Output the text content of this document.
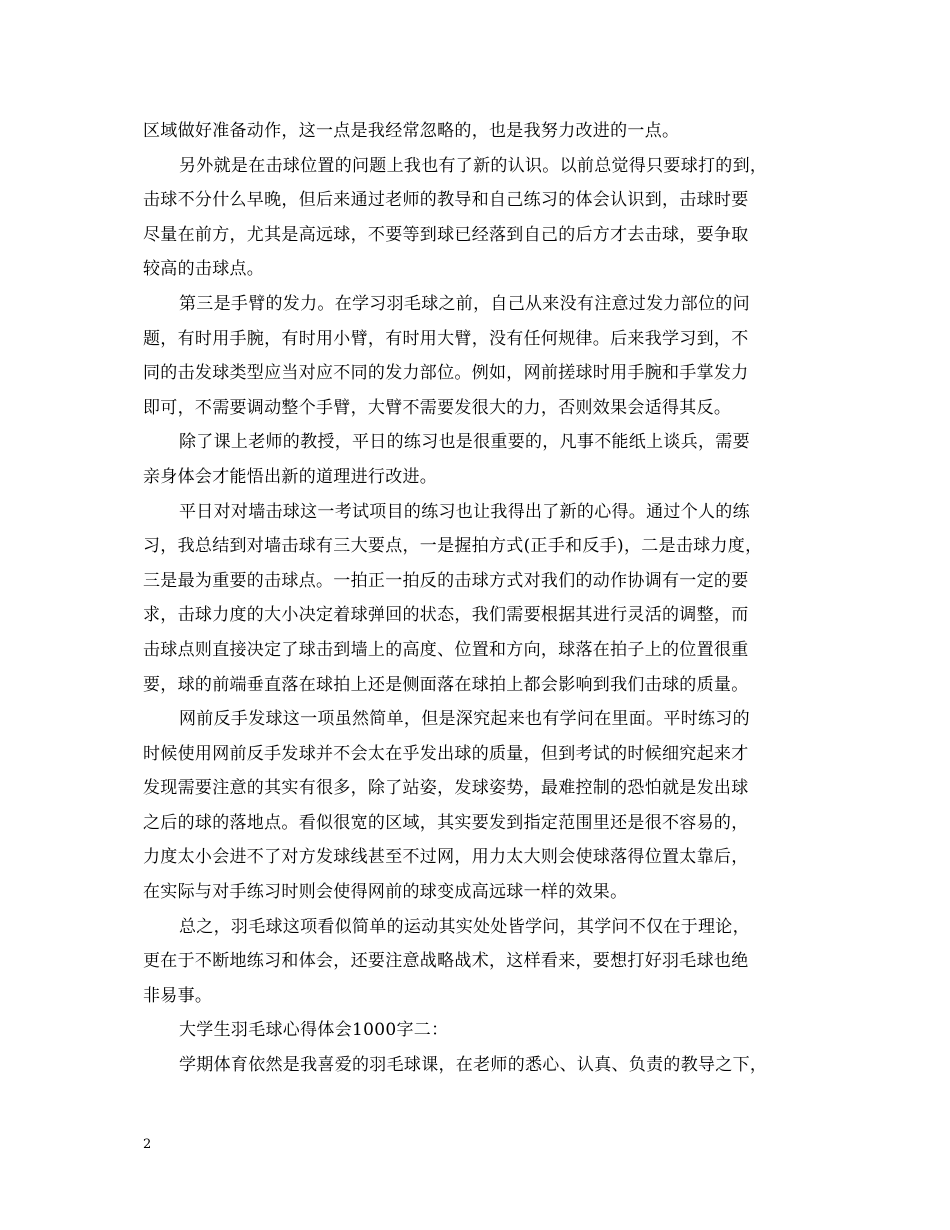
区域做好准备动作，这一点是我经常忽略的，也是我努力改进的一点。
另外就是在击球位置的问题上我也有了新的认识。以前总觉得只要球打的到，
击球不分什么早晚，但后来通过老师的教导和自己练习的体会认识到，击球时要
尽量在前方，尤其是高远球，不要等到球已经落到自己的后方才去击球，要争取
较高的击球点。
第三是手臂的发力。在学习羽毛球之前，自己从来没有注意过发力部位的问
题，有时用手腕，有时用小臂，有时用大臂，没有任何规律。后来我学习到，不
同的击发球类型应当对应不同的发力部位。例如，网前搓球时用手腕和手掌发力
即可，不需要调动整个手臂，大臂不需要发很大的力，否则效果会适得其反。
除了课上老师的教授，平日的练习也是很重要的，凡事不能纸上谈兵，需要
亲身体会才能悟出新的道理进行改进。
平日对对墙击球这一考试项目的练习也让我得出了新的心得。通过个人的练
习，我总结到对墙击球有三大要点，一是握拍方式(正手和反手)，二是击球力度，
三是最为重要的击球点。一拍正一拍反的击球方式对我们的动作协调有一定的要
求，击球力度的大小决定着球弹回的状态，我们需要根据其进行灵活的调整，而
击球点则直接决定了球击到墙上的高度、位置和方向，球落在拍子上的位置很重
要，球的前端垂直落在球拍上还是侧面落在球拍上都会影响到我们击球的质量。
网前反手发球这一项虽然简单，但是深究起来也有学问在里面。平时练习的
时候使用网前反手发球并不会太在乎发出球的质量，但到考试的时候细究起来才
发现需要注意的其实有很多，除了站姿，发球姿势，最难控制的恐怕就是发出球
之后的球的落地点。看似很宽的区域，其实要发到指定范围里还是很不容易的，
力度太小会进不了对方发球线甚至不过网，用力太大则会使球落得位置太靠后，
在实际与对手练习时则会使得网前的球变成高远球一样的效果。
总之，羽毛球这项看似简单的运动其实处处皆学问，其学问不仅在于理论，
更在于不断地练习和体会，还要注意战略战术，这样看来，要想打好羽毛球也绝
非易事。
大学生羽毛球心得体会1000字二：
学期体育依然是我喜爱的羽毛球课，在老师的悉心、认真、负责的教导之下，
2
